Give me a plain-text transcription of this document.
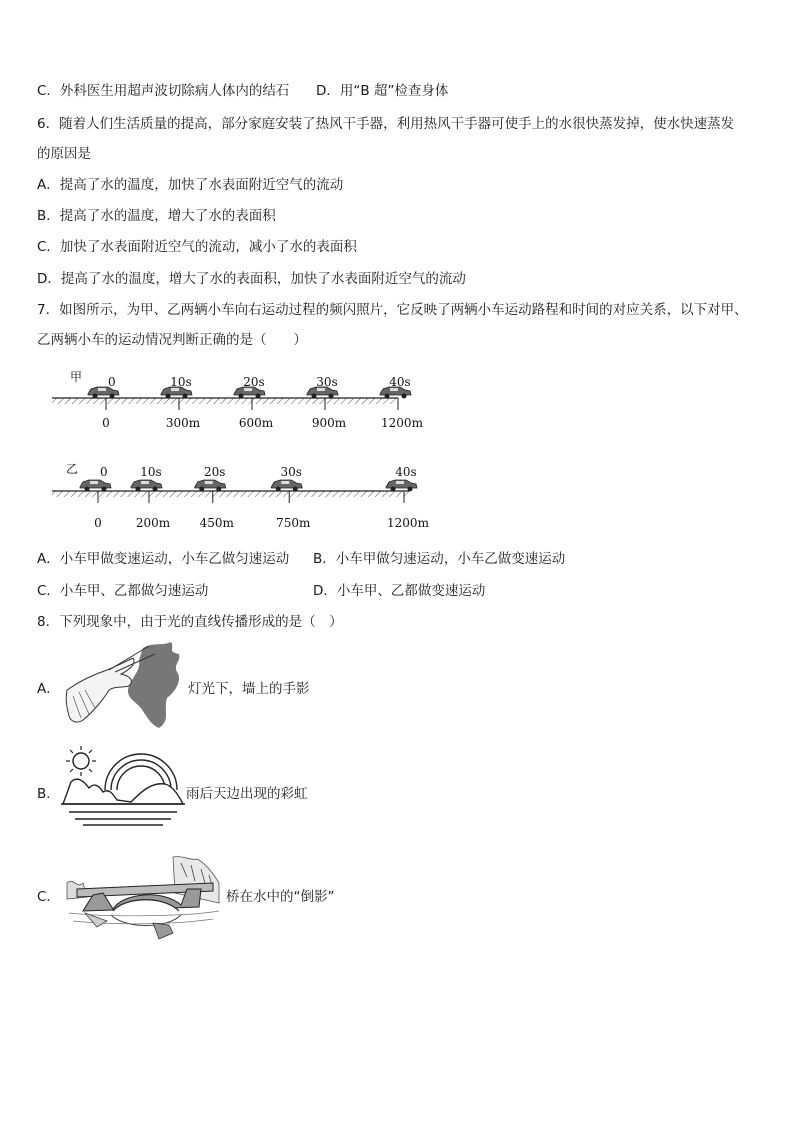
C．外科医生用超声波切除病人体内的结石 D．用“B 超”检查身体
6．随着人们生活质量的提高，部分家庭安装了热风干手器，利用热风干手器可使手上的水很快蒸发掉，使水快速蒸发
的原因是
A．提高了水的温度，加快了水表面附近空气的流动
B．提高了水的温度，增大了水的表面积
C．加快了水表面附近空气的流动，减小了水的表面积
D．提高了水的温度，增大了水的表面积，加快了水表面附近空气的流动
7．如图所示，为甲、乙两辆小车向右运动过程的频闪照片，它反映了两辆小车运动路程和时间的对应关系，以下对甲、
乙两辆小车的运动情况判断正确的是（　　）
甲 0
0
10s
300m
20s
600m
30s
900m
40s
1200m
乙 0
0
10s
200m
20s
450m
30s
750m
40s
1200m
A．小车甲做变速运动，小车乙做匀速运动 B．小车甲做匀速运动，小车乙做变速运动
C．小车甲、乙都做匀速运动	D．小车甲、乙都做变速运动
8．下列现象中，由于光的直线传播形成的是（　）
A．	灯光下，墙上的手影
B．	雨后天边出现的彩虹
C．	桥在水中的“倒影”
